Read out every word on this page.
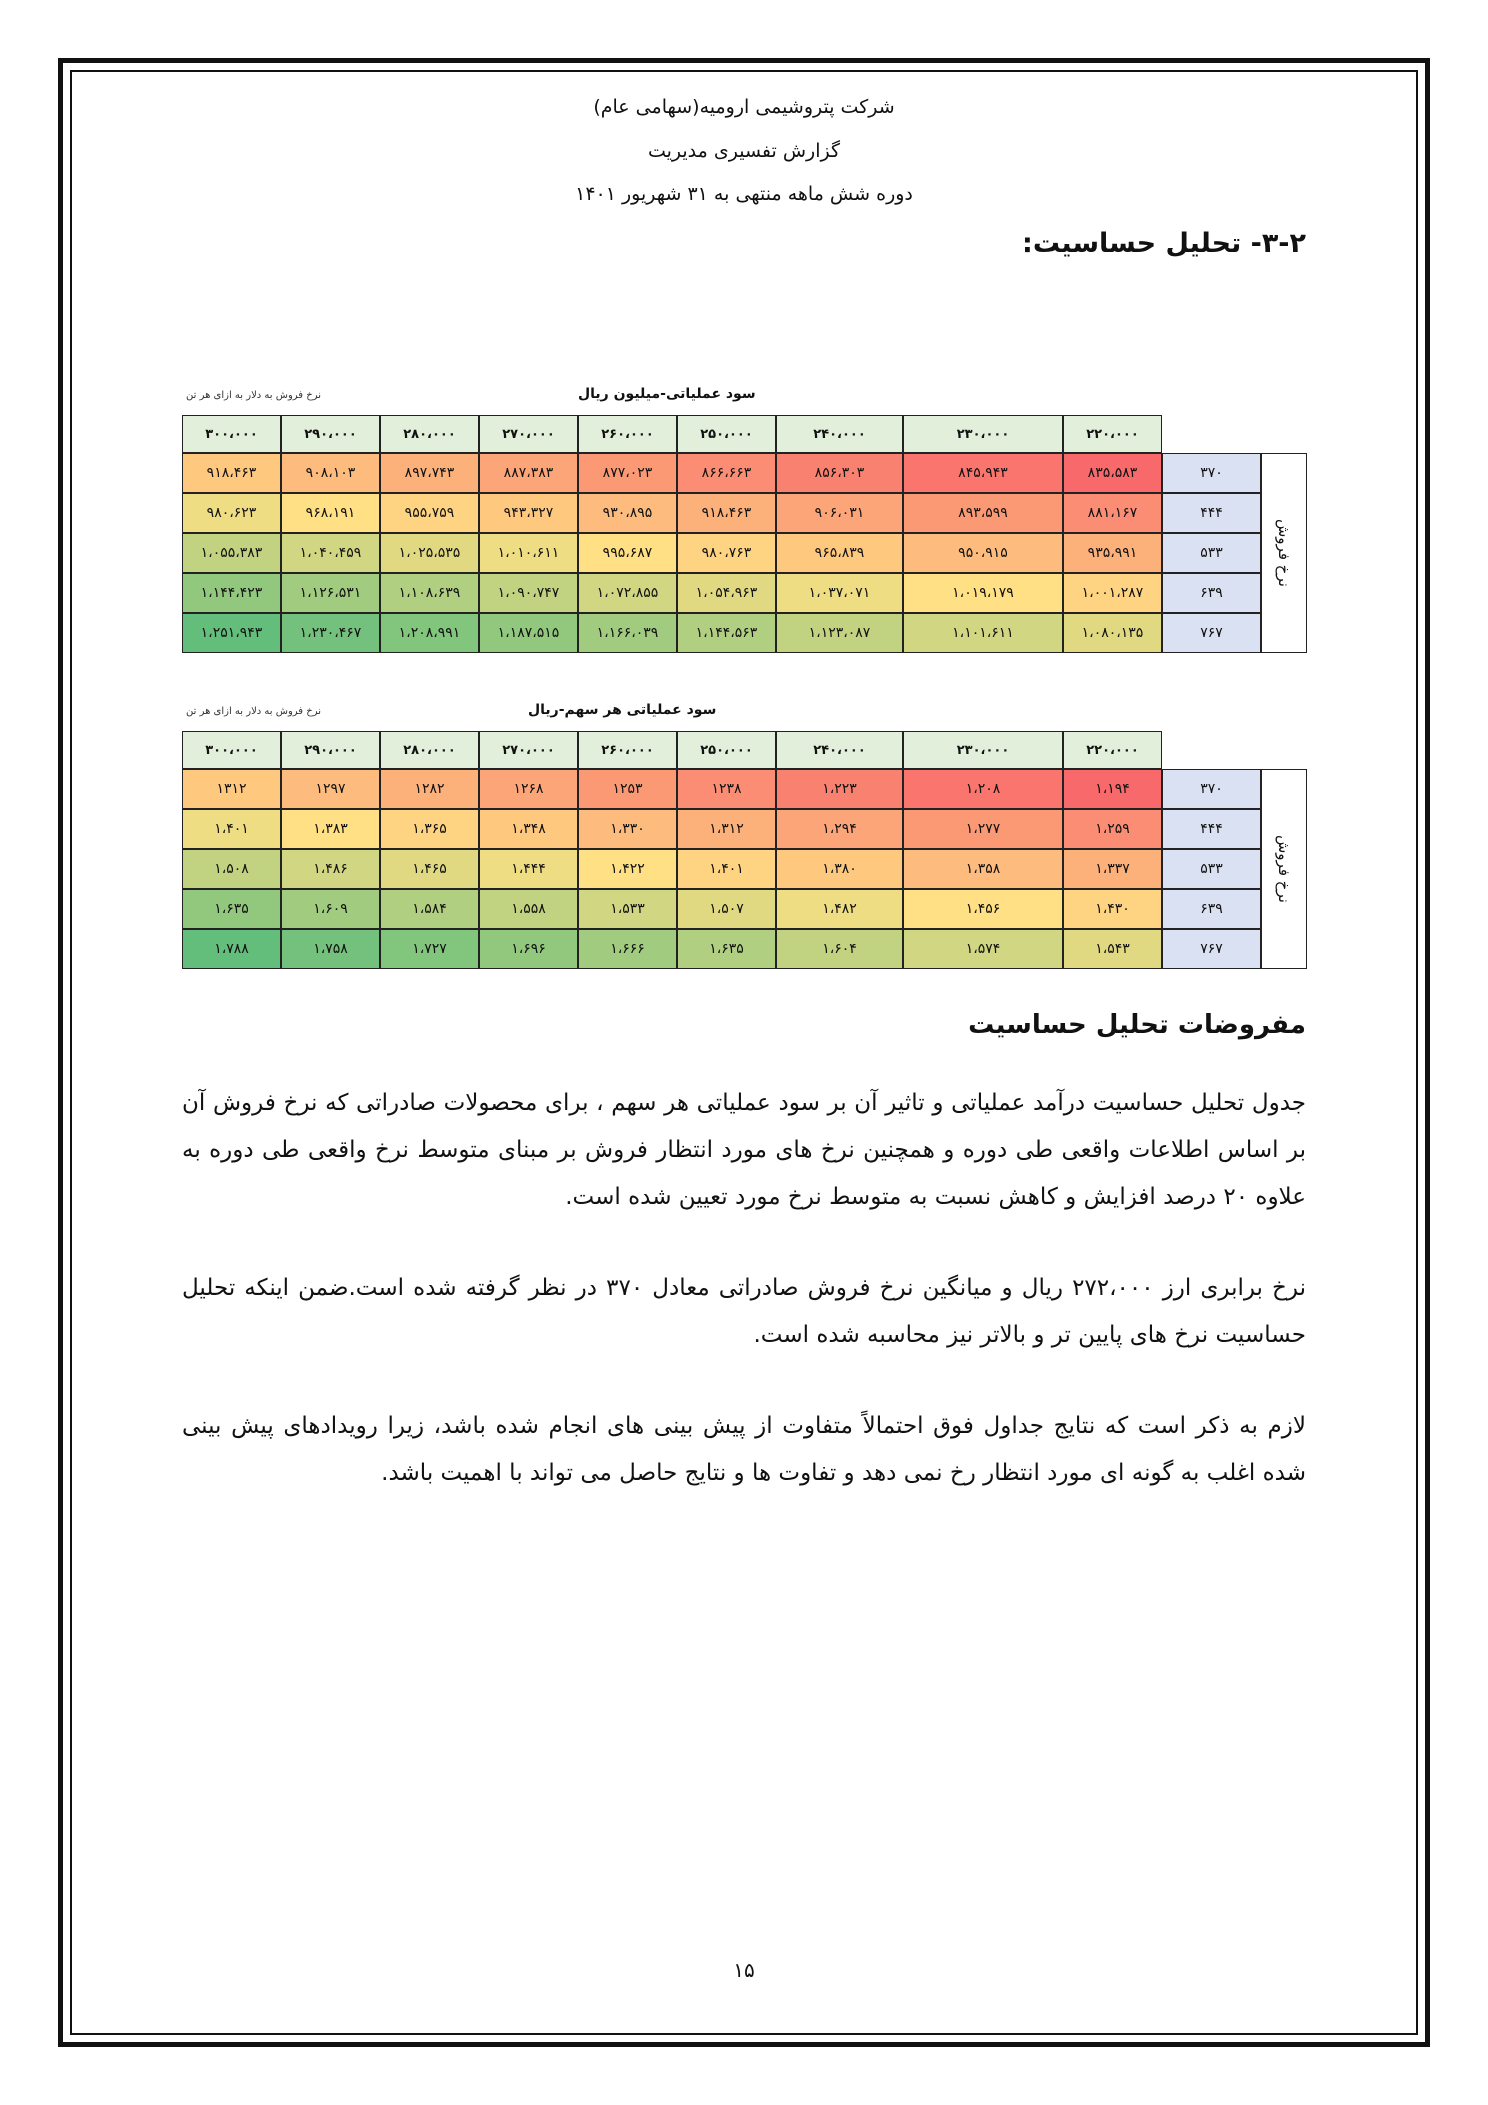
شرکت پتروشیمی ارومیه(سهامی عام)
گزارش تفسیری مدیریت
دوره شش ماهه منتهی به ۳۱ شهریور ۱۴۰۱
۳-۲- تحلیل حساسیت:
سود عملیاتی-میلیون ریال
نرخ فروش به دلار به ازای هر تن
سود عملیاتی هر سهم-ریال
نرخ فروش به دلار به ازای هر تن
مفروضات تحلیل حساسیت
جدول تحلیل حساسیت درآمد عملیاتی و تاثیر آن بر سود عملیاتی هر سهم ، برای محصولات صادراتی که نرخ فروش آن بر اساس اطلاعات واقعی طی دوره و همچنین نرخ های مورد انتظار فروش بر مبنای متوسط نرخ واقعی طی دوره به علاوه ۲۰ درصد افزایش و کاهش نسبت به متوسط نرخ مورد تعیین شده است.
نرخ برابری ارز ۲۷۲،۰۰۰ ریال و میانگین نرخ فروش صادراتی معادل ۳۷۰ در نظر گرفته شده است.ضمن اینکه تحلیل حساسیت نرخ های پایین تر و بالاتر نیز محاسبه شده است.
لازم به ذکر است که نتایج جداول فوق احتمالاً متفاوت از پیش بینی های انجام شده باشد، زیرا رویدادهای پیش بینی شده اغلب به گونه ای مورد انتظار رخ نمی دهد و تفاوت ها و نتایج حاصل می تواند با اهمیت باشد.
۱۵
۳۰۰،۰۰۰	۲۹۰،۰۰۰	۲۸۰،۰۰۰	۲۷۰،۰۰۰	۲۶۰،۰۰۰	۲۵۰،۰۰۰	۲۴۰،۰۰۰	۲۳۰،۰۰۰	۲۲۰،۰۰۰
۹۱۸،۴۶۳	۹۰۸،۱۰۳	۸۹۷،۷۴۳	۸۸۷،۳۸۳	۸۷۷،۰۲۳	۸۶۶،۶۶۳	۸۵۶،۳۰۳	۸۴۵،۹۴۳	۸۳۵،۵۸۳	۳۷۰
۹۸۰،۶۲۳	۹۶۸،۱۹۱	۹۵۵،۷۵۹	۹۴۳،۳۲۷	۹۳۰،۸۹۵	۹۱۸،۴۶۳	۹۰۶،۰۳۱	۸۹۳،۵۹۹	۸۸۱،۱۶۷	۴۴۴
۱،۰۵۵،۳۸۳	۱،۰۴۰،۴۵۹	۱،۰۲۵،۵۳۵	۱،۰۱۰،۶۱۱	۹۹۵،۶۸۷	۹۸۰،۷۶۳	۹۶۵،۸۳۹	۹۵۰،۹۱۵	۹۳۵،۹۹۱	۵۳۳
۱،۱۴۴،۴۲۳	۱،۱۲۶،۵۳۱	۱،۱۰۸،۶۳۹	۱،۰۹۰،۷۴۷	۱،۰۷۲،۸۵۵	۱،۰۵۴،۹۶۳	۱،۰۳۷،۰۷۱	۱،۰۱۹،۱۷۹	۱،۰۰۱،۲۸۷	۶۳۹
۱،۲۵۱،۹۴۳	۱،۲۳۰،۴۶۷	۱،۲۰۸،۹۹۱	۱،۱۸۷،۵۱۵	۱،۱۶۶،۰۳۹	۱،۱۴۴،۵۶۳	۱،۱۲۳،۰۸۷	۱،۱۰۱،۶۱۱	۱،۰۸۰،۱۳۵	۷۶۷
نرخ فروش
۳۰۰،۰۰۰	۲۹۰،۰۰۰	۲۸۰،۰۰۰	۲۷۰،۰۰۰	۲۶۰،۰۰۰	۲۵۰،۰۰۰	۲۴۰،۰۰۰	۲۳۰،۰۰۰	۲۲۰،۰۰۰
۱۳۱۲	۱۲۹۷	۱۲۸۲	۱۲۶۸	۱۲۵۳	۱۲۳۸	۱،۲۲۳	۱،۲۰۸	۱،۱۹۴	۳۷۰
۱،۴۰۱	۱،۳۸۳	۱،۳۶۵	۱،۳۴۸	۱،۳۳۰	۱،۳۱۲	۱،۲۹۴	۱،۲۷۷	۱،۲۵۹	۴۴۴
۱،۵۰۸	۱،۴۸۶	۱،۴۶۵	۱،۴۴۴	۱،۴۲۲	۱،۴۰۱	۱،۳۸۰	۱،۳۵۸	۱،۳۳۷	۵۳۳
۱،۶۳۵	۱،۶۰۹	۱،۵۸۴	۱،۵۵۸	۱،۵۳۳	۱،۵۰۷	۱،۴۸۲	۱،۴۵۶	۱،۴۳۰	۶۳۹
۱،۷۸۸	۱،۷۵۸	۱،۷۲۷	۱،۶۹۶	۱،۶۶۶	۱،۶۳۵	۱،۶۰۴	۱،۵۷۴	۱،۵۴۳	۷۶۷
نرخ فروش
